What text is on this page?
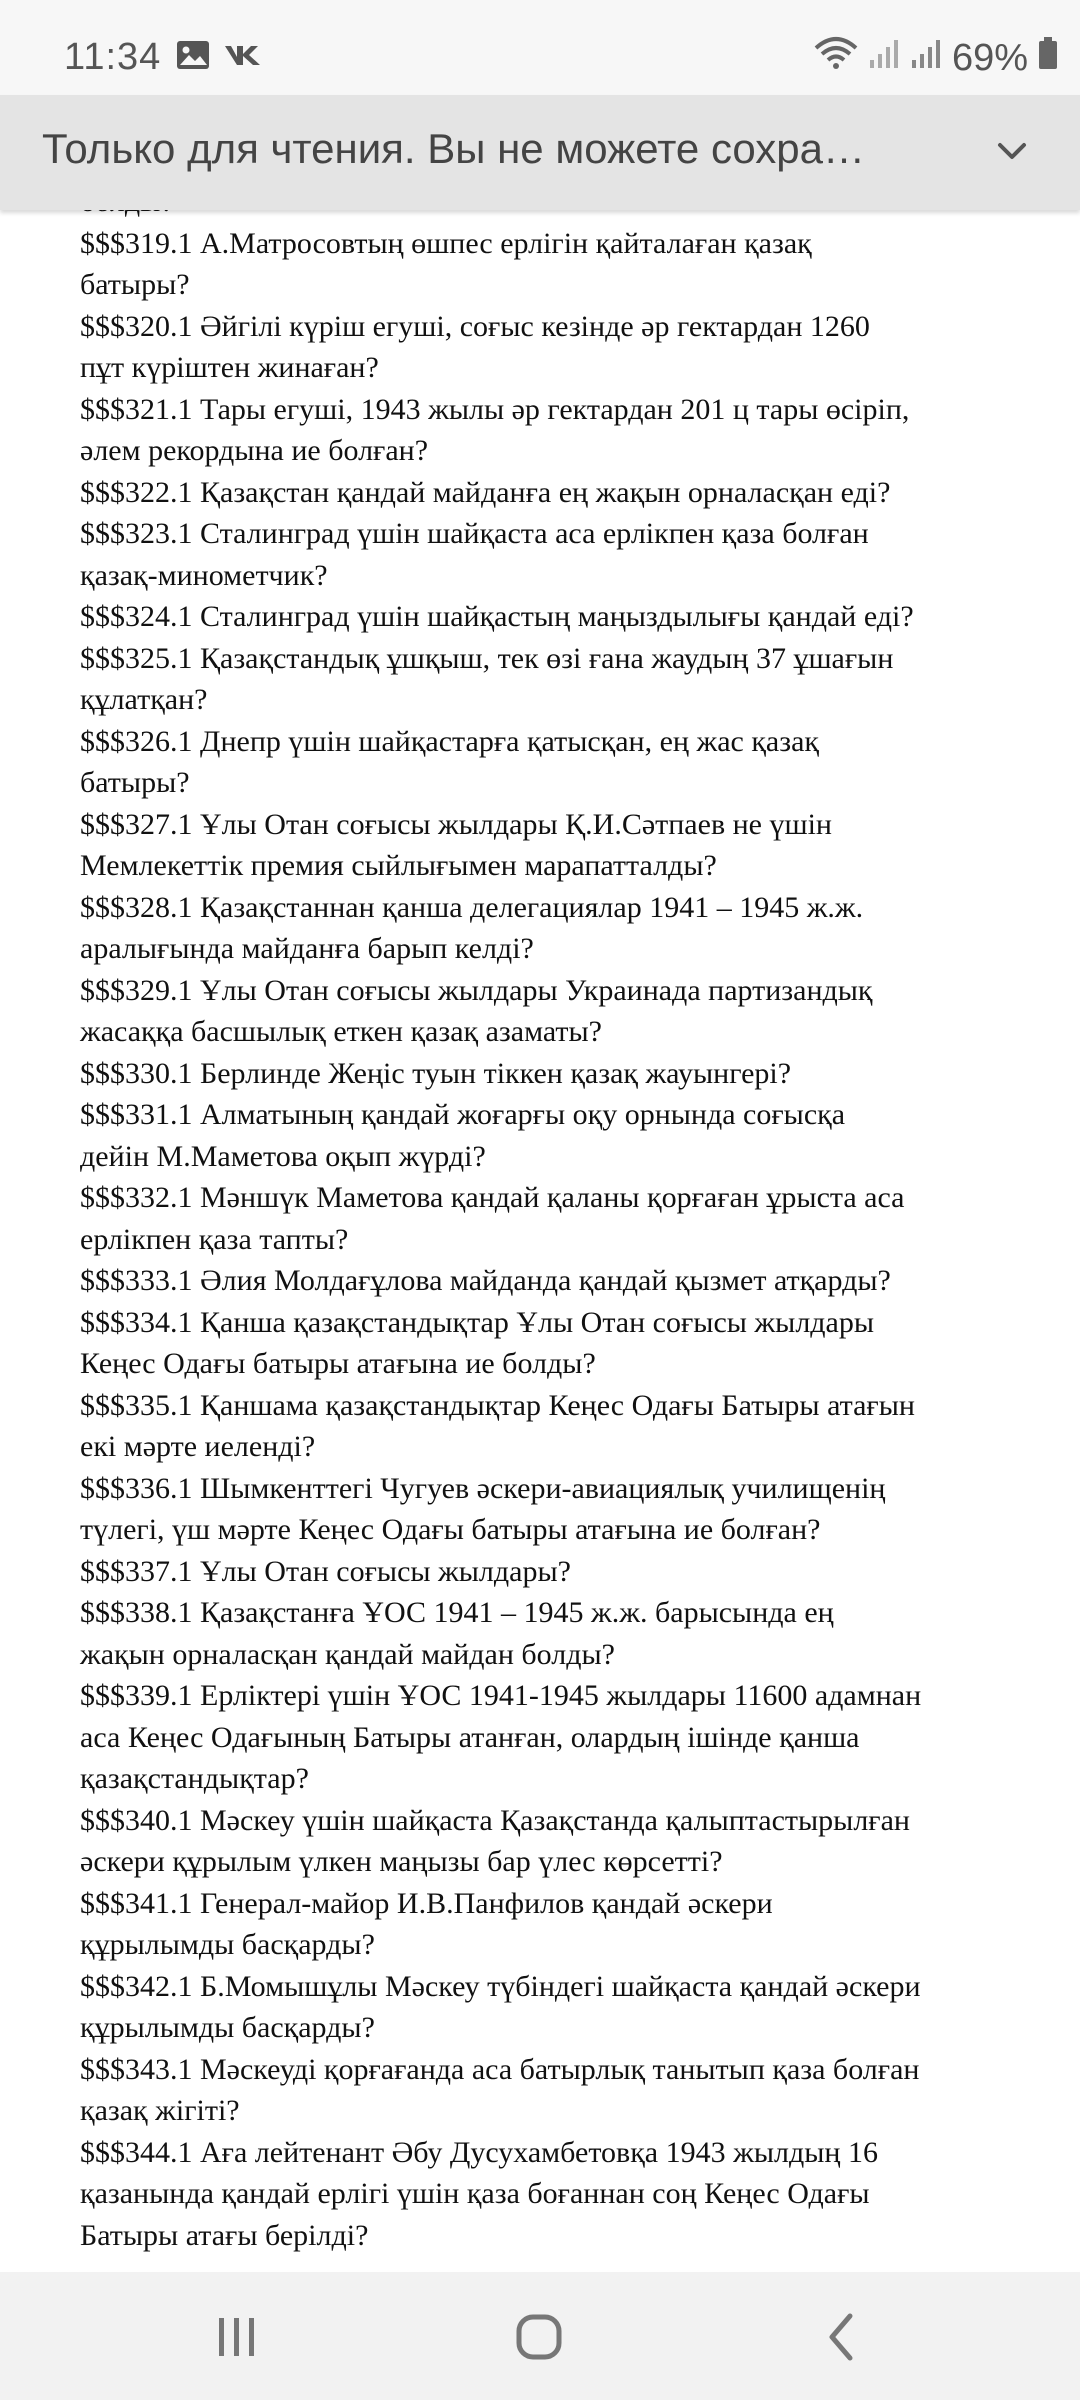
11:34	69%
Только для чтения. Вы не можете сохра…
$$$319.1 А.Матросовтың өшпес ерлігін қайталаған қазақ
батыры?
$$$320.1 Әйгілі күріш егуші, соғыс кезінде әр гектардан 1260
пұт күріштен жинаған?
$$$321.1 Тары егуші, 1943 жылы әр гектардан 201 ц тары өсіріп,
әлем рекордына ие болған?
$$$322.1 Қазақстан қандай майданға ең жақын орналасқан еді?
$$$323.1 Сталинград үшін шайқаста аса ерлікпен қаза болған
қазақ-минометчик?
$$$324.1 Сталинград үшін шайқастың маңыздылығы қандай еді?
$$$325.1 Қазақстандық ұшқыш, тек өзі ғана жаудың 37 ұшағын
құлатқан?
$$$326.1 Днепр үшін шайқастарға қатысқан, ең жас қазақ
батыры?
$$$327.1 Ұлы Отан соғысы жылдары Қ.И.Сәтпаев не үшін
Мемлекеттік премия сыйлығымен марапатталды?
$$$328.1 Қазақстаннан қанша делегациялар 1941 – 1945 ж.ж.
аралығында майданға барып келді?
$$$329.1 Ұлы Отан соғысы жылдары Украинада партизандық
жасаққа басшылық еткен қазақ азаматы?
$$$330.1 Берлинде Жеңіс туын тіккен қазақ жауынгері?
$$$331.1 Алматының қандай жоғарғы оқу орнында соғысқа
дейін М.Маметова оқып жүрді?
$$$332.1 Мәншүк Маметова қандай қаланы қорғаған ұрыста аса
ерлікпен қаза тапты?
$$$333.1 Әлия Молдағұлова майданда қандай қызмет атқарды?
$$$334.1 Қанша қазақстандықтар Ұлы Отан соғысы жылдары
Кеңес Одағы батыры атағына ие болды?
$$$335.1 Қаншама қазақстандықтар Кеңес Одағы Батыры атағын
екі мәрте иеленді?
$$$336.1 Шымкенттегі Чугуев әскери-авиациялық училищенің
түлегі, үш мәрте Кеңес Одағы батыры атағына ие болған?
$$$337.1 Ұлы Отан соғысы жылдары?
$$$338.1 Қазақстанға ҰОС 1941 – 1945 ж.ж. барысында ең
жақын орналасқан қандай майдан болды?
$$$339.1 Ерліктері үшін ҰОС 1941-1945 жылдары 11600 адамнан
аса Кеңес Одағының Батыры атанған, олардың ішінде қанша
қазақстандықтар?
$$$340.1 Мәскеу үшін шайқаста Қазақстанда қалыптастырылған
әскери құрылым үлкен маңызы бар үлес көрсетті?
$$$341.1 Генерал-майор И.В.Панфилов қандай әскери
құрылымды басқарды?
$$$342.1 Б.Момышұлы Мәскеу түбіндегі шайқаста қандай әскери
құрылымды басқарды?
$$$343.1 Мәскеуді қорғағанда аса батырлық танытып қаза болған
қазақ жігіті?
$$$344.1 Аға лейтенант Әбу Дусухамбетовқа 1943 жылдың 16
қазанында қандай ерлігі үшін қаза боғаннан соң Кеңес Одағы
Батыры атағы берілді?
